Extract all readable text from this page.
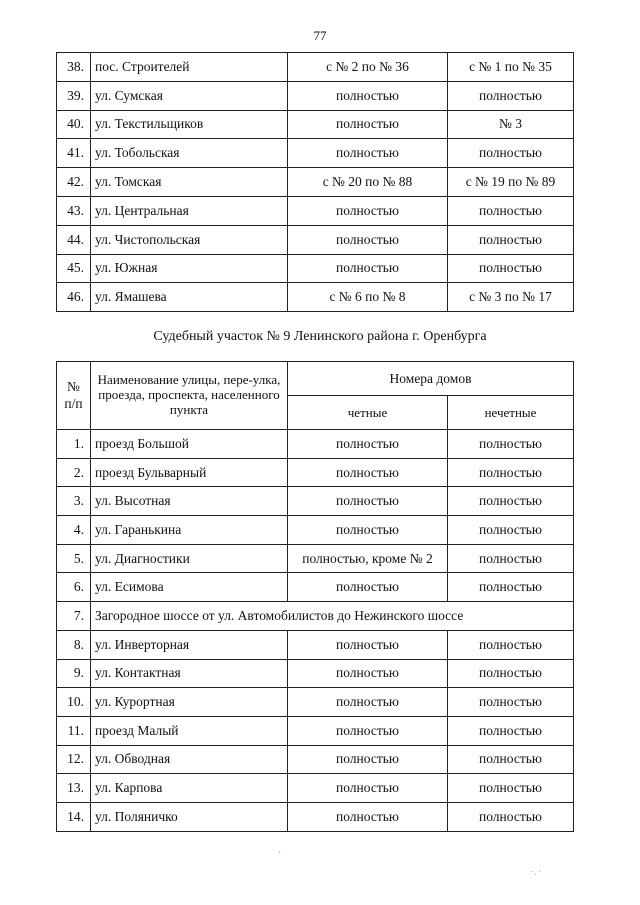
77
38.	пос. Строителей	с № 2 по № 36	с № 1 по № 35
39.	ул. Сумская	полностью	полностью
40.	ул. Текстильщиков	полностью	№ 3
41.	ул. Тобольская	полностью	полностью
42.	ул. Томская	с № 20 по № 88	с № 19 по № 89
43.	ул. Центральная	полностью	полностью
44.	ул. Чистопольская	полностью	полностью
45.	ул. Южная	полностью	полностью
46.	ул. Ямашева	с № 6 по № 8	с № 3 по № 17
Судебный участок № 9 Ленинского района г. Оренбурга
№ п/п	Наименование улицы, пере-улка, проезда, проспекта, населенного пункта	Номера домов	
		четные	нечетные
1.	проезд Большой	полностью	полностью
2.	проезд Бульварный	полностью	полностью
3.	ул. Высотная	полностью	полностью
4.	ул. Гаранькина	полностью	полностью
5.	ул. Диагностики	полностью, кроме № 2	полностью
6.	ул. Есимова	полностью	полностью
7.	Загородное шоссе от ул. Автомобилистов до Нежинского шоссе		
8.	ул. Инверторная	полностью	полностью
9.	ул. Контактная	полностью	полностью
10.	ул. Курортная	полностью	полностью
11.	проезд Малый	полностью	полностью
12.	ул. Обводная	полностью	полностью
13.	ул. Карпова	полностью	полностью
14.	ул. Поляничко	полностью	полностью
·
·.·
